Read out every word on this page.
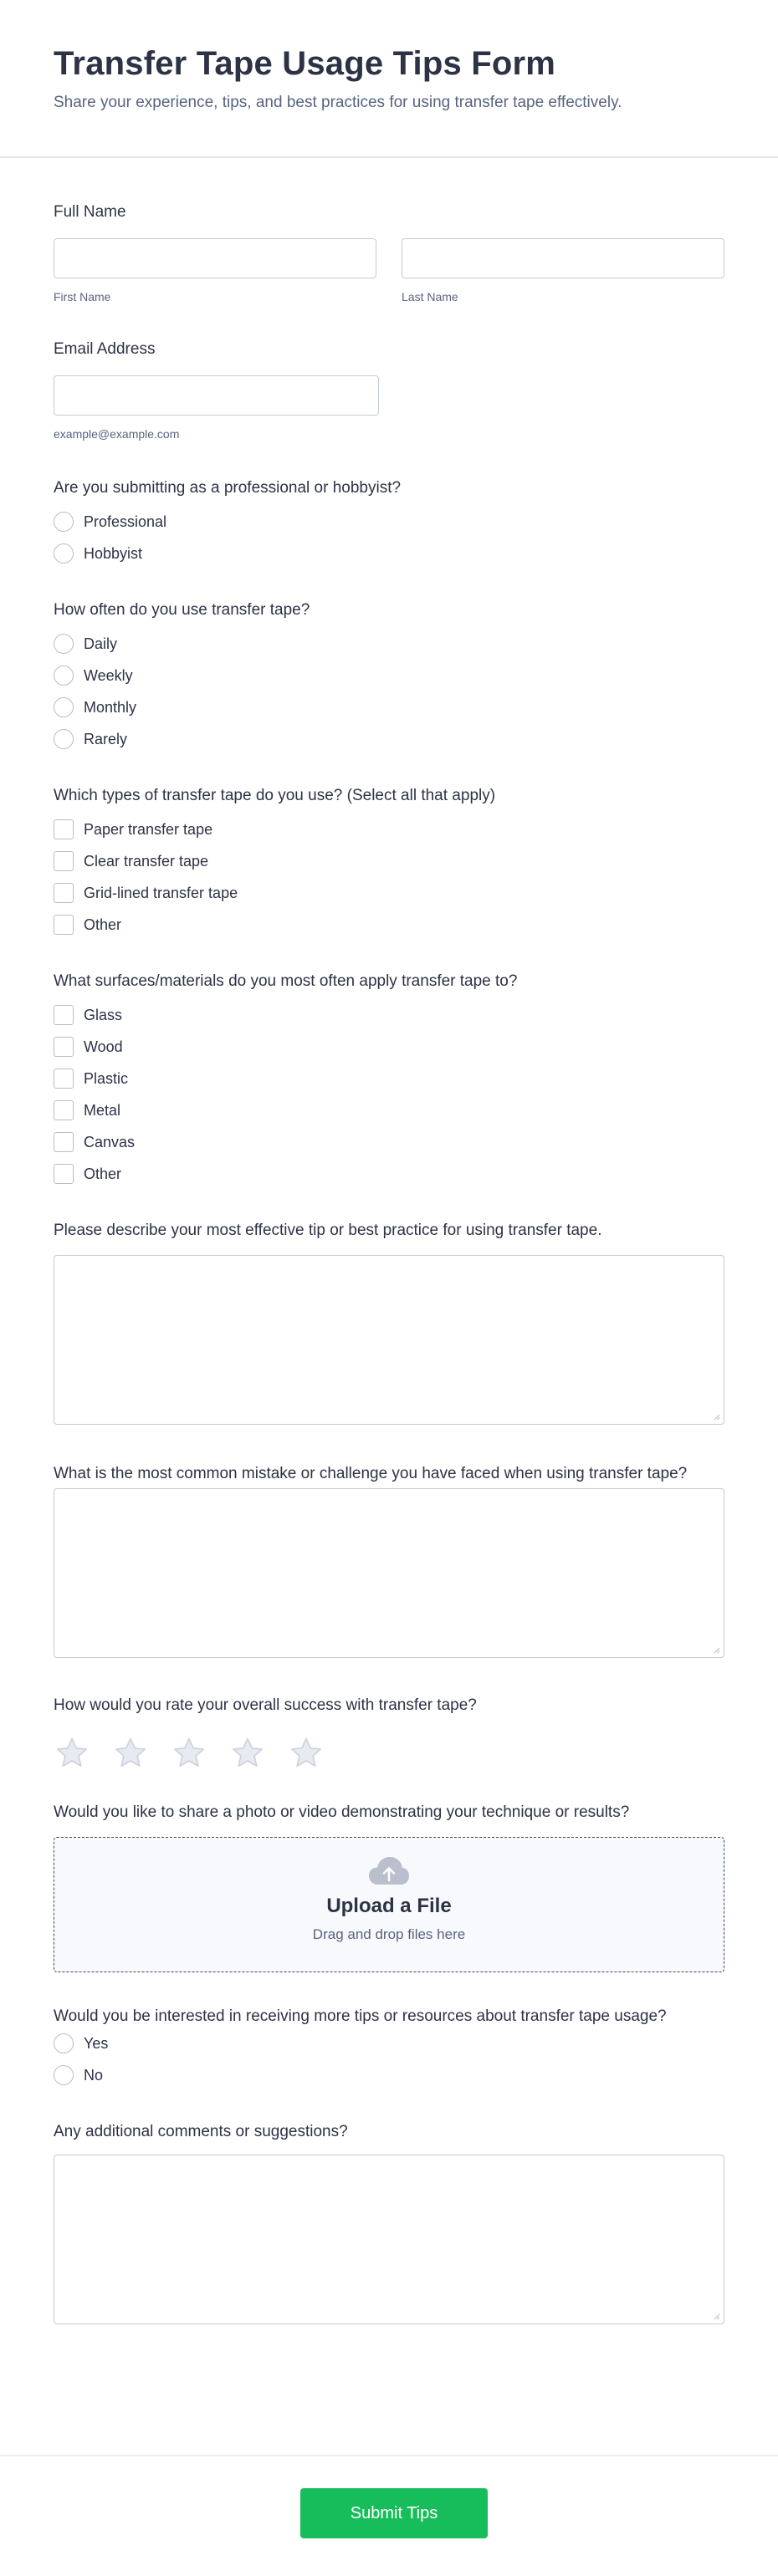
Transfer Tape Usage Tips Form

Share your experience, tips, and best practices for using transfer tape effectively.

Full Name
First Name	Last Name
Email Address
example@example.com
Are you submitting as a professional or hobbyist?
Professional
Hobbyist
How often do you use transfer tape?
Daily
Weekly
Monthly
Rarely
Which types of transfer tape do you use? (Select all that apply)
Paper transfer tape
Clear transfer tape
Grid-lined transfer tape
Other
What surfaces/materials do you most often apply transfer tape to?
Glass
Wood
Plastic
Metal
Canvas
Other
Please describe your most effective tip or best practice for using transfer tape.
What is the most common mistake or challenge you have faced when using transfer tape?
How would you rate your overall success with transfer tape?
Would you like to share a photo or video demonstrating your technique or results?
Upload a File
Drag and drop files here
Would you be interested in receiving more tips or resources about transfer tape usage?
Yes
No
Any additional comments or suggestions?
Submit Tips
